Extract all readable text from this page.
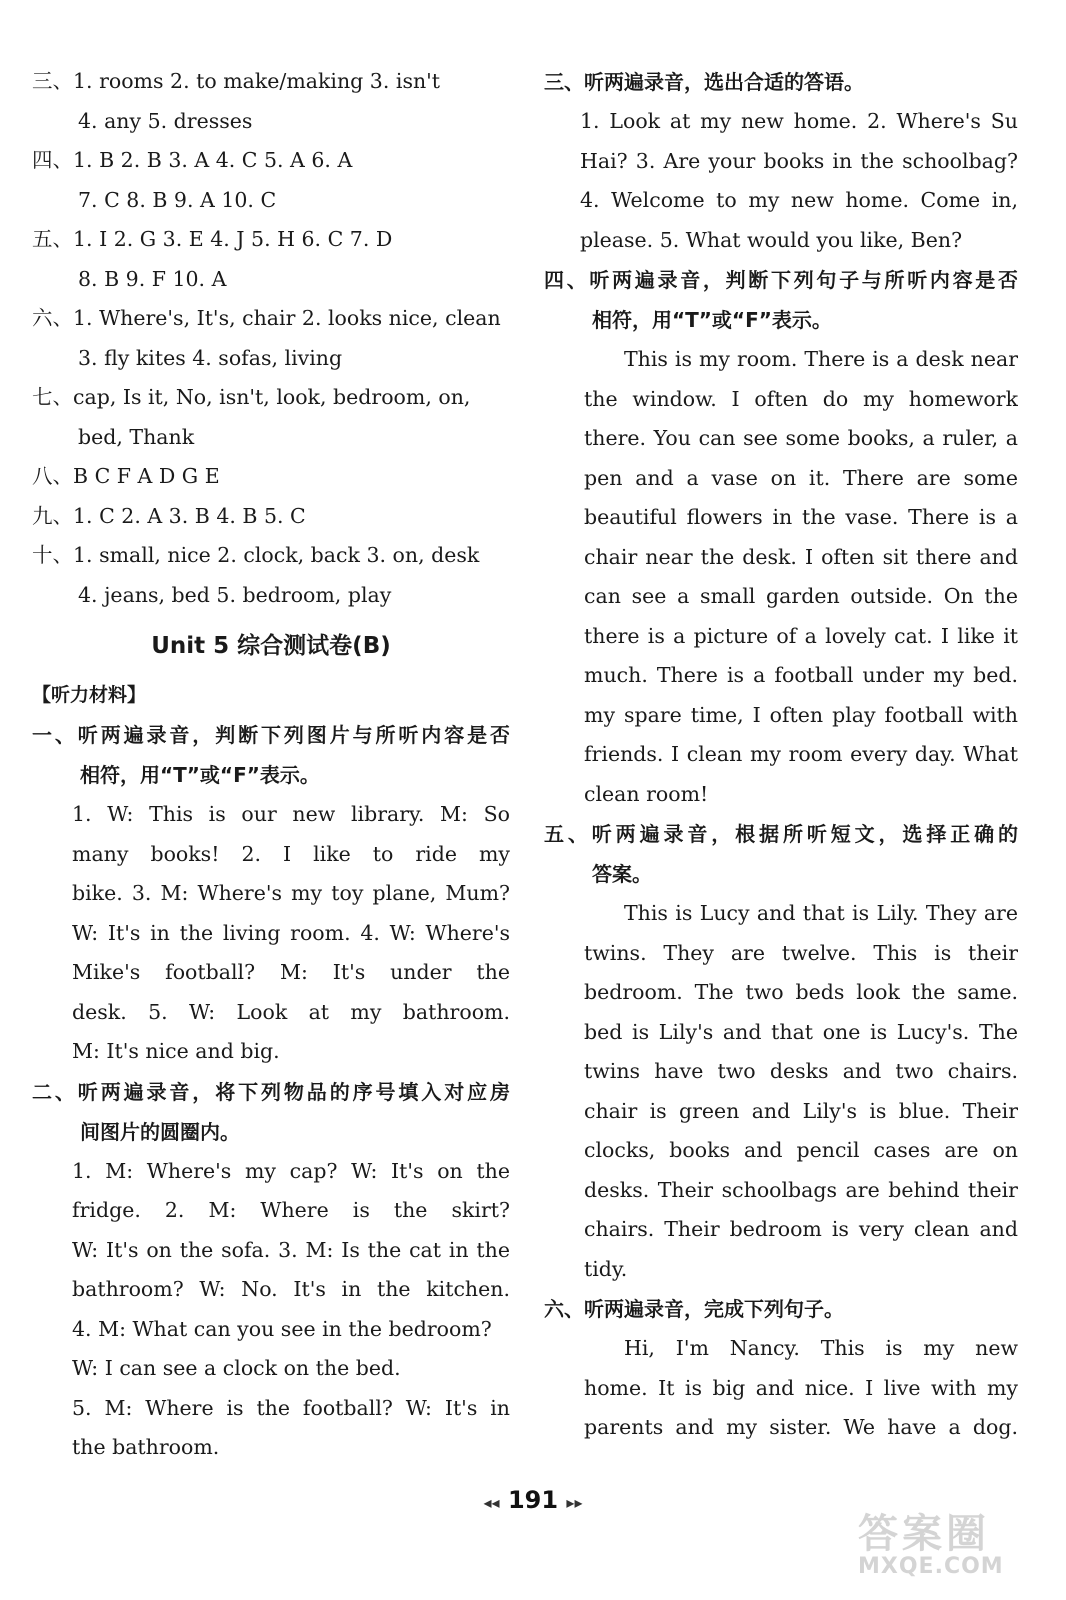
三、1. rooms 2. to make/making 3. isn't
4. any 5. dresses
四、1. B 2. B 3. A 4. C 5. A 6. A
7. C 8. B 9. A 10. C
五、1. I 2. G 3. E 4. J 5. H 6. C 7. D
8. B 9. F 10. A
六、1. Where's, It's, chair 2. looks nice, clean
3. fly kites 4. sofas, living
七、cap, Is it, No, isn't, look, bedroom, on,
bed, Thank
八、B C F A D G E
九、1. C 2. A 3. B 4. B 5. C
十、1. small, nice 2. clock, back 3. on, desk
4. jeans, bed 5. bedroom, play
Unit 5 综合测试卷(B)
【听力材料】
一、听两遍录音，判断下列图片与所听内容是否
相符，用“T”或“F”表示。
1. W: This is our new library. M: So
many books! 2. I like to ride my
bike. 3. M: Where's my toy plane, Mum?
W: It's in the living room. 4. W: Where's
Mike's football? M: It's under the
desk. 5. W: Look at my bathroom.
M: It's nice and big.
二、听两遍录音，将下列物品的序号填入对应房
间图片的圆圈内。
1. M: Where's my cap? W: It's on the
fridge. 2. M: Where is the skirt?
W: It's on the sofa. 3. M: Is the cat in the
bathroom? W: No. It's in the kitchen.
4. M: What can you see in the bedroom?
W: I can see a clock on the bed.
5. M: Where is the football? W: It's in
the bathroom.
三、听两遍录音，选出合适的答语。
1. Look at my new home. 2. Where's Su
Hai? 3. Are your books in the schoolbag?
4. Welcome to my new home. Come in,
please. 5. What would you like, Ben?
四、听两遍录音，判断下列句子与所听内容是否
相符，用“T”或“F”表示。
This is my room. There is a desk near
the window. I often do my homework
there. You can see some books, a ruler, a
pen and a vase on it. There are some
beautiful flowers in the vase. There is a
chair near the desk. I often sit there and
can see a small garden outside. On the
there is a picture of a lovely cat. I like it
much. There is a football under my bed.
my spare time, I often play football with
friends. I clean my room every day. What
clean room!
五、听两遍录音，根据所听短文，选择正确的
答案。
This is Lucy and that is Lily. They are
twins. They are twelve. This is their
bedroom. The two beds look the same.
bed is Lily's and that one is Lucy's. The
twins have two desks and two chairs.
chair is green and Lily's is blue. Their
clocks, books and pencil cases are on
desks. Their schoolbags are behind their
chairs. Their bedroom is very clean and
tidy.
六、听两遍录音，完成下列句子。
Hi, I'm Nancy. This is my new
home. It is big and nice. I live with my
parents and my sister. We have a dog.
◂◂ 191 ▸▸
答案圈
MXQE.COM
